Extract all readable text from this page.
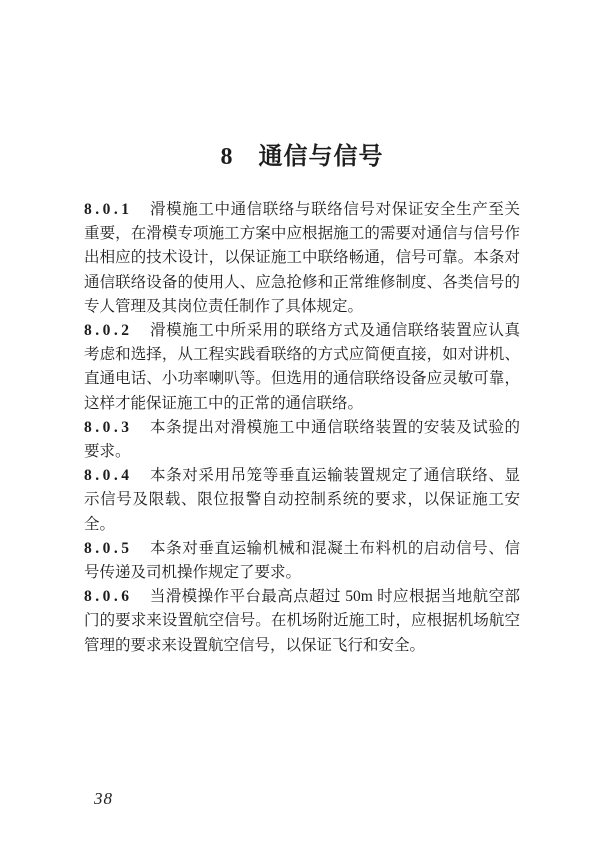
8 通信与信号

8.0.1 滑模施工中通信联络与联络信号对保证安全生产至关重要，在滑模专项施工方案中应根据施工的需要对通信与信号作出相应的技术设计，以保证施工中联络畅通，信号可靠。本条对通信联络设备的使用人、应急抢修和正常维修制度、各类信号的专人管理及其岗位责任制作了具体规定。

8.0.2 滑模施工中所采用的联络方式及通信联络装置应认真考虑和选择，从工程实践看联络的方式应简便直接，如对讲机、直通电话、小功率喇叭等。但选用的通信联络设备应灵敏可靠，这样才能保证施工中的正常的通信联络。

8.0.3 本条提出对滑模施工中通信联络装置的安装及试验的要求。

8.0.4 本条对采用吊笼等垂直运输装置规定了通信联络、显示信号及限载、限位报警自动控制系统的要求，以保证施工安全。

8.0.5 本条对垂直运输机械和混凝土布料机的启动信号、信号传递及司机操作规定了要求。

8.0.6 当滑模操作平台最高点超过 50m 时应根据当地航空部门的要求来设置航空信号。在机场附近施工时，应根据机场航空管理的要求来设置航空信号，以保证飞行和安全。

38
